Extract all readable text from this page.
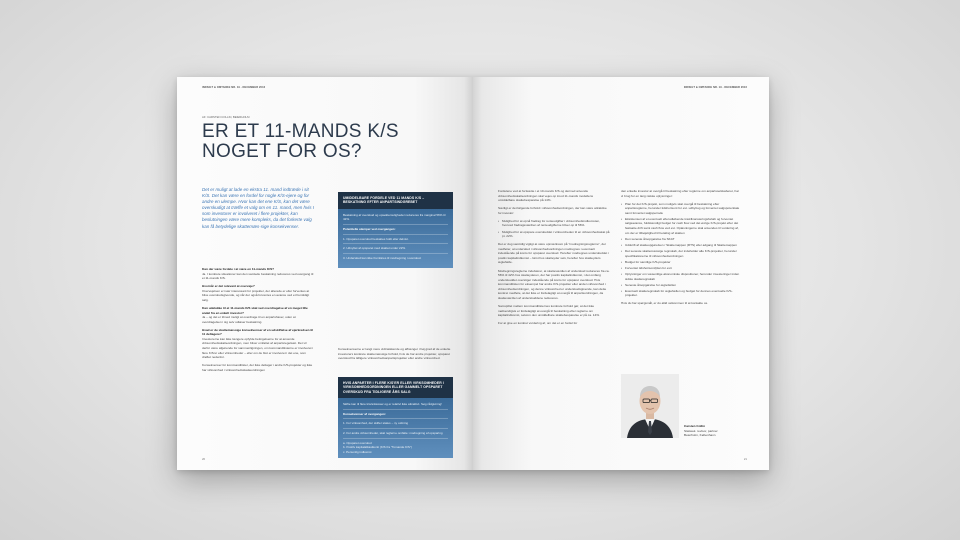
INDSIGT & OMTANKE NR. 19 · DECEMBER 2016
AF: CARSTEN COLLIN, BEIERHOLM
ER ET 11-MANDS K/S
NOGET FOR OS?
Det er muligt at lade en ekstra 11. mand indtræde i sit K/S. Det kan være en fordel for nogle K/S-ejere og for andre en ulempe. Hvor kan det ene K/S, kan det være overskudigt at træffe et valg om en 11. mand, men hvis I som investorer er involveret i flere projekter, kan beslutningen være mere kompleks, da det forkerte valg kan få betydelige skattemæs-sige konsekvenser.

Kan der være fordele i at være en 11-mands K/S?
Ja. I konkrete situationer kan den samlede beskatning reduceres ved overgang til et 11-mands K/S.

Hvornår er det relevant at overveje?
Overvejelsen er især interessant for projekter, der allerede er eller forventes at blive overskudsgivende, og når der også forventes en avance ved et fremtidigt salg.

Kan udelukke til et 11-mands K/S skal ved overdragelse af en meget lille andel fra en enkelt investor?
Ja – og det er tilmed muligt at overdrage til en anpartshaver, uden at overdragelsen i sig selv udløser beskatning.

Hvad er de skattemæssige konsekvenser af en udskiftelse af ejerkredsen til 11 deltagere?
Investorerne kan ikke længere opfylde betingelserne for at anvende virksomhedsskatteordningen, men bliver omfattet af anpartsregelsæt. Det vil derfor være afgørende for sammenligningen, om kommanditisterne er involveret i flere K/S'er eller virksomheder – eller om de blot er involveret i det ene, som drøftet nedenfor.

Konsekvenser for kommanditister, der ikke deltager i andre K/S-projekter og ikke har virksomhed i virksomhedsskatteordningen

UMIDDELBARE FORDELE VED 11 MANDS K/S – BESKATNING EFTER ANPARTSINDGREBET
Beskatning af overskud og opsøktemuligheder reduceres fra marginal 56% til 42%.
Potentielle ulemper ved overgangen:
1. Opsparet overskud beskattes fuldt eller delvist.
2. Udnyttet af opsparet med skattet under 22%.
3. Underskud kan ikke fremføres til modregning i overskud.
Konsekvenserne er langt mere vidtrækkende og afhænger i høj grad af de enkelte investorers konkrete skattemæssige forhold, hvis de har andre projekter, opsparet overskud fra tidligere virksomhedsanpartsprojekter eller andre virksomhed.
HVIS ANPARTER I FLERE K/S'ER ELLER VIRKSOMHEDER I VIRKSOMHEDSORDNINGEN ELLER GAMMELT OPSPARET OVERSKUD FRA TIDLIGERE ÅRS SALG
Skifte kan til flere k/s/anlæsser og er relativt ikke attraktivt. Søg rådgivning!
Konsekvenser af overgangen:
1. For virksomhed, der skifter status – ny ordning
2. For andre virksomheder, skal reglerne omfatte: modregning af opsparing
a. Opsparet overskud
b. Positiv kapitalafkastkonti (K/S fra "Tomande K/S")
c. Personlig indkomst
20
INDSIGT & OMTANKE NR. 19 · DECEMBER 2016

Fordelene ved at fortsætte i et 10-mands K/S og dermed anvende virksomhedsskatteordningen skal vejes op imod 11-mands modellens umiddelbare skattebesparelse på 14%.

Særligt er det følgende forhold i virksomhedsordningen, der kan være attraktive for investor:

• Mulighed for at opnå fradrag for renteudgifter i virksomhedsindkomsten, hvorved fradragsværdien af renteudgifterne bliver op til 56%.
• Mulighed for at opspare overskuddet i virksomheden til en virksomhedsskat på pt. 22%.

Det er dog samtidig vigtigt at være opmærksom på "modregningsreglerne", der medfører, at underskud i virksomhedsordningen modregnes i eventuelt indestående på konto for opsparet overskud. Herefter modregnes underskuddet i positiv kapitalindkomst – først hos skatteyder selv, herefter hos skatteyders ægtefælle.

Modregningsreglerne indebærer, at skatteværdien af underskud reduceres fra ca. 56% til 42% hos skatteyderen, der har positiv kapitalindkomst, i det omfang underskuddet overstiger indestående på konto for opsparet overskud. Hvis kommanditisten for eksempel har andre K/S-projekter eller anden virksomhed i virksomhedsordningen, og denne virksomhed er underskudsgivende, kan dette konkret medføre, at det ikke er fordelagtigt at overgå til anpartsordningen, da skatteværdien af underskuddene reduceres.

Samspillet mellem kommanditisternes konkrete forhold gør, at det ikke nødvendigvis er fordelagtigt at overgå til beskatning efter reglerne om kapitalindkomst, selvom den umiddelbare skattebesparelse er på ca. 14%.

For at give en konkret vurdering af, om det er en fordel for

den enkelte investor at overgå til beskatning efter reglerne om anpartsselskaberet, har vi brug for en lang række oplysninger:

• Plan for det K/S-projekt, som muligvis skal overgå til beskatning efter anpartsreglerne, herunder tidshorisont for evt. udbyttug og forventet salgspotentiale samt forventet salgsperiode
• Eksistensen af et eventuelt efterudløbende trækfinansieringsforløb og forventet salgsavance, fuldstændigt budget for cash flow ved det øvrige K/S-projekt efter det fastsatte drift samt cash flow ved evt. Opløsningerne skal anvendes til vurdering af, om der er tilbøjelighed til betaling af skatten
• Den seneste årsopgørelse fra SKAT
• Udskrift af skatteopgørelsen / Skattemappen (RTS) eller adgang til Skattemappen
• Det seneste skattemæssige regnskab, der indeholder alle K/S-projekter, herunder specifikationerne til virksomhedsordningen
• Budget for samtlige K/S-projekter
• Forventet tidshorisont/plan for exit
• Oplysninger om væsentlige økonomiske dispositioner, herunder investeringer inden sidste skatteregnskab
• Seneste årsopgørelse for ægtefællen
• Eventuelt skatteregnskab for ægtefællen og budget for dennes eventuelle K/S-projekter.

Hvis du har spørgsmål, er du altid velkommen til at kontakte os.

Carsten Collin
Statsaut. revisor, partner
Beierholm, København
21
